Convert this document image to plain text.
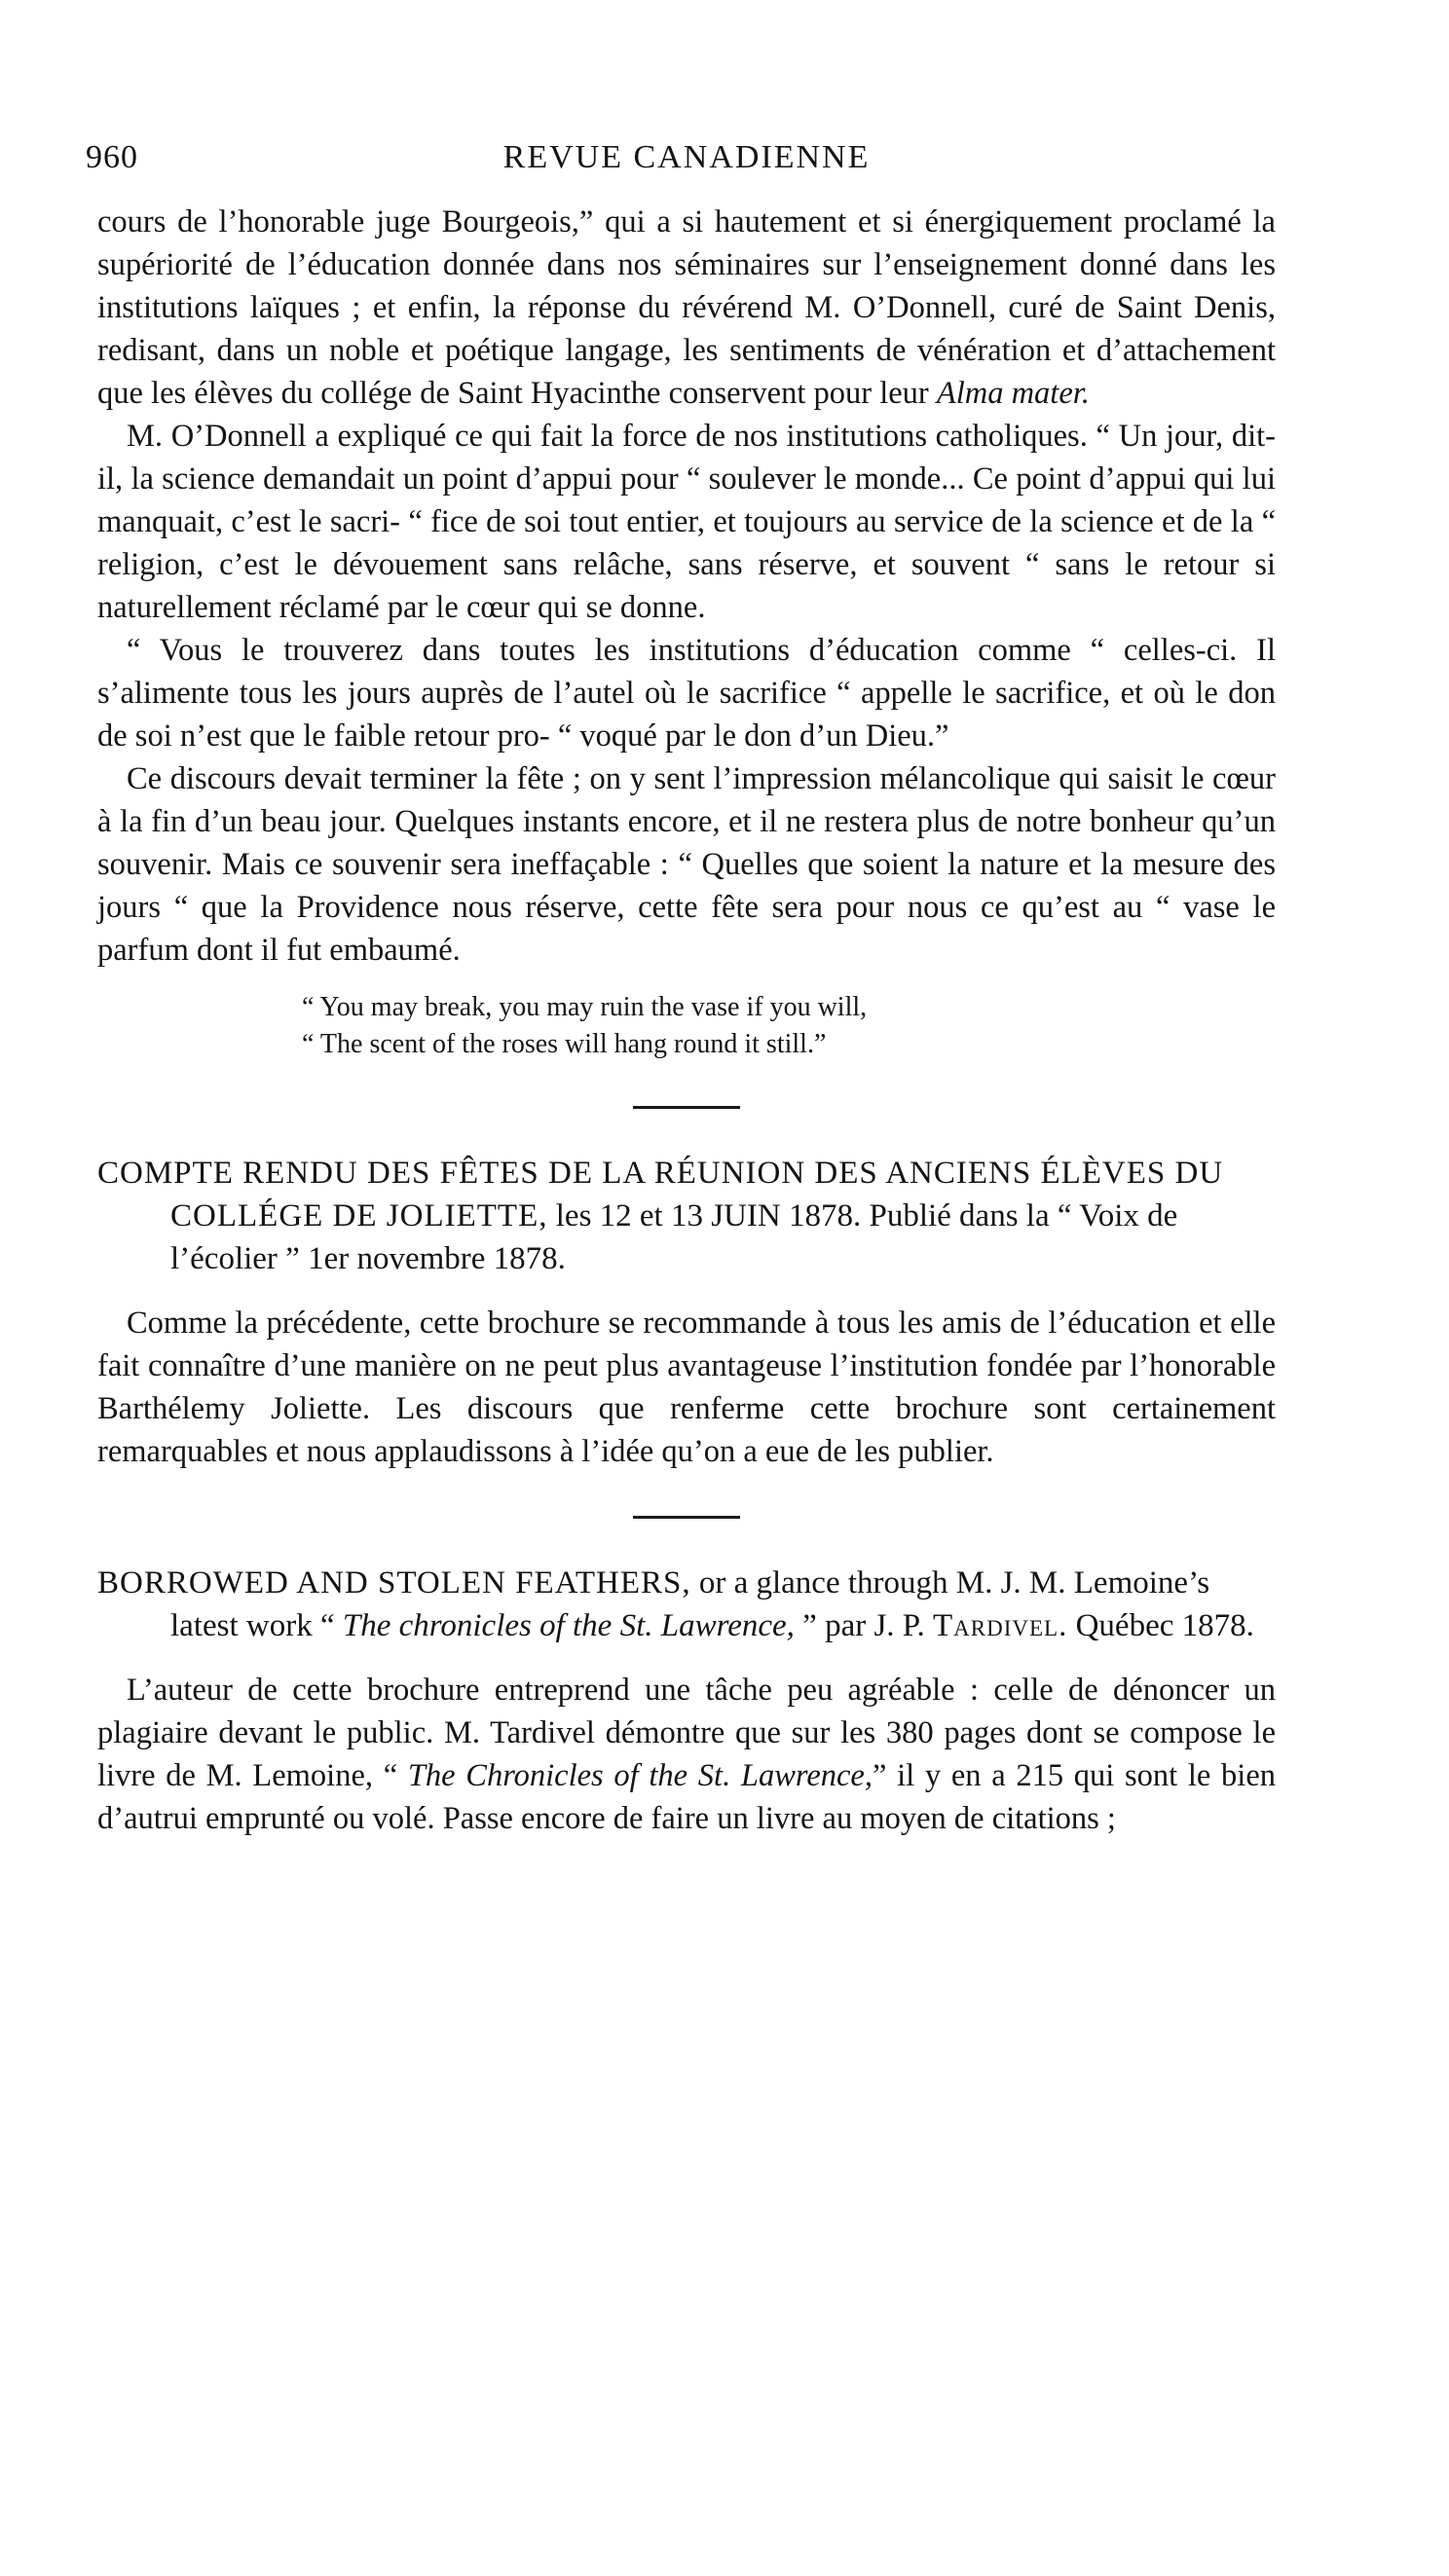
960	REVUE CANADIENNE

cours de l’honorable juge Bourgeois,” qui a si hautement et si énergiquement proclamé la supériorité de l’éducation donnée dans nos séminaires sur l’enseignement donné dans les institutions laïques ; et enfin, la réponse du révérend M. O’Donnell, curé de Saint Denis, redisant, dans un noble et poétique langage, les sentiments de vénération et d’attachement que les élèves du collége de Saint Hyacinthe conservent pour leur Alma mater.

M. O’Donnell a expliqué ce qui fait la force de nos institutions catholiques. “ Un jour, dit-il, la science demandait un point d’appui pour “ soulever le monde... Ce point d’appui qui lui manquait, c’est le sacri- “ fice de soi tout entier, et toujours au service de la science et de la “ religion, c’est le dévouement sans relâche, sans réserve, et souvent “ sans le retour si naturellement réclamé par le cœur qui se donne.

“ Vous le trouverez dans toutes les institutions d’éducation comme “ celles-ci. Il s’alimente tous les jours auprès de l’autel où le sacrifice “ appelle le sacrifice, et où le don de soi n’est que le faible retour pro- “ voqué par le don d’un Dieu.”

Ce discours devait terminer la fête ; on y sent l’impression mélancolique qui saisit le cœur à la fin d’un beau jour. Quelques instants encore, et il ne restera plus de notre bonheur qu’un souvenir. Mais ce souvenir sera ineffaçable : “ Quelles que soient la nature et la mesure des jours “ que la Providence nous réserve, cette fête sera pour nous ce qu’est au “ vase le parfum dont il fut embaumé.

“ You may break, you may ruin the vase if you will,
“ The scent of the roses will hang round it still.”

COMPTE RENDU DES FÊTES DE LA RÉUNION DES ANCIENS ÉLÈVES DU COLLÉGE DE JOLIETTE, les 12 et 13 JUIN 1878. Publié dans la “ Voix de l’écolier ” 1er novembre 1878.

Comme la précédente, cette brochure se recommande à tous les amis de l’éducation et elle fait connaître d’une manière on ne peut plus avantageuse l’institution fondée par l’honorable Barthélemy Joliette. Les discours que renferme cette brochure sont certainement remarquables et nous applaudissons à l’idée qu’on a eue de les publier.

BORROWED AND STOLEN FEATHERS, or a glance through M. J. M. Lemoine’s latest work “ The chronicles of the St. Lawrence, ” par J. P. Tardivel. Québec 1878.

L’auteur de cette brochure entreprend une tâche peu agréable : celle de dénoncer un plagiaire devant le public. M. Tardivel démontre que sur les 380 pages dont se compose le livre de M. Lemoine, “ The Chronicles of the St. Lawrence,” il y en a 215 qui sont le bien d’autrui emprunté ou volé. Passe encore de faire un livre au moyen de citations ;
